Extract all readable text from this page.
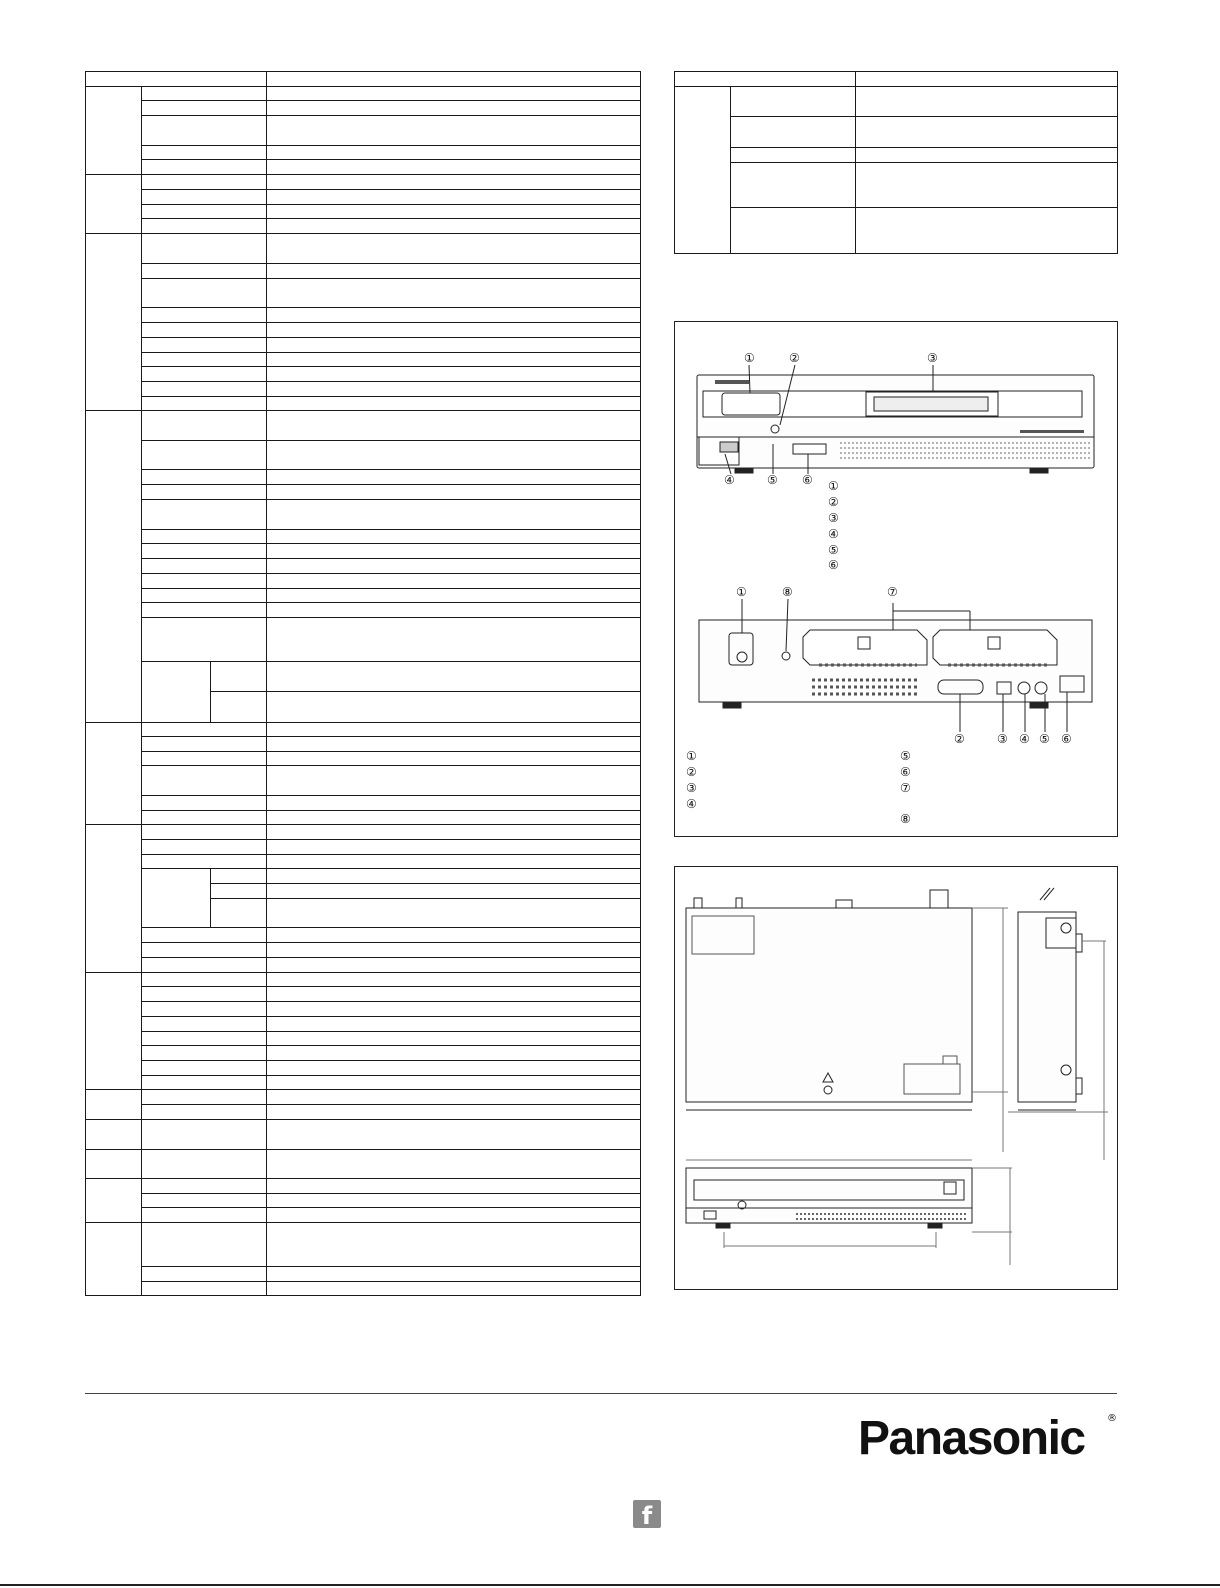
①	②	③
④	⑤ ⑥ ①
②
③
④
⑤
⑥
①	⑧	⑦
②	③ ④ ⑤ ⑥
①
②
③
④
⑤
⑥
⑦
⑧
Panasonic ®
f
